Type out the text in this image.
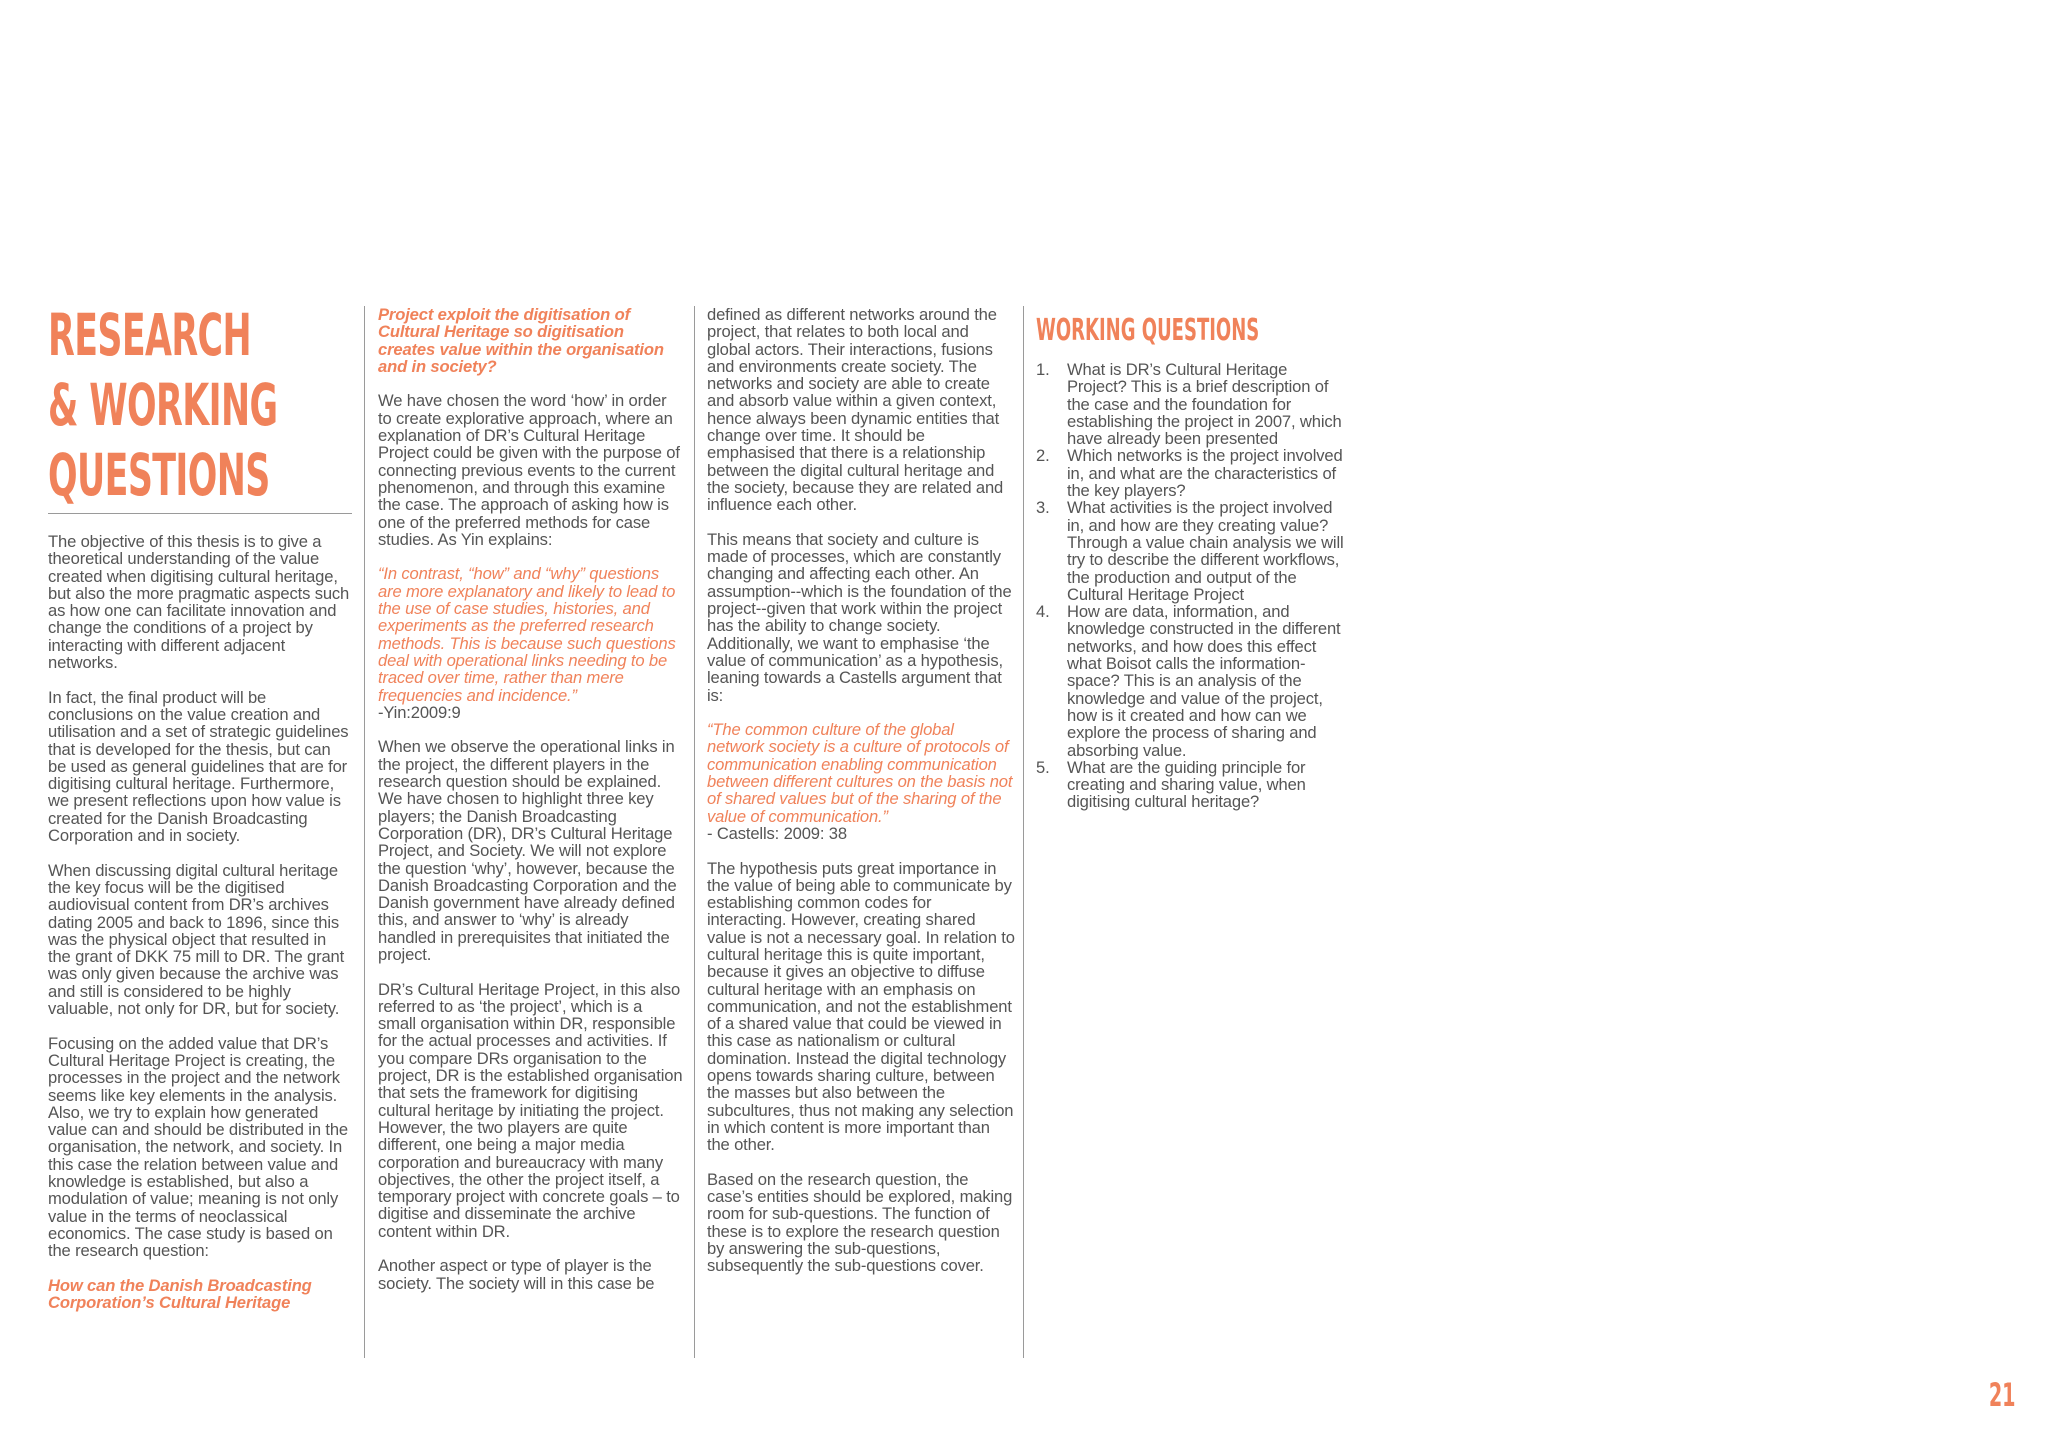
RESEARCH
& WORKING
QUESTIONS

The objective of this thesis is to give a theoretical understanding of the value created when digitising cultural heritage, but also the more pragmatic aspects such as how one can facilitate innovation and change the conditions of a project by interacting with different adjacent networks.

In fact, the final product will be conclusions on the value creation and utilisation and a set of strategic guidelines that is developed for the thesis, but can be used as general guidelines that are for digitising cultural heritage. Furthermore, we present reflections upon how value is created for the Danish Broadcasting Corporation and in society.

When discussing digital cultural heritage the key focus will be the digitised audiovisual content from DR’s archives dating 2005 and back to 1896, since this was the physical object that resulted in the grant of DKK 75 mill to DR. The grant was only given because the archive was and still is considered to be highly valuable, not only for DR, but for society.

Focusing on the added value that DR’s Cultural Heritage Project is creating, the processes in the project and the network seems like key elements in the analysis. Also, we try to explain how generated value can and should be distributed in the organisation, the network, and society. In this case the relation between value and knowledge is established, but also a modulation of value; meaning is not only value in the terms of neoclassical economics. The case study is based on the research question:

How can the Danish Broadcasting Corporation’s Cultural Heritage

Project exploit the digitisation of Cultural Heritage so digitisation creates value within the organisation and in society?

We have chosen the word ‘how’ in order to create explorative approach, where an explanation of DR’s Cultural Heritage Project could be given with the purpose of connecting previous events to the current phenomenon, and through this examine the case. The approach of asking how is one of the preferred methods for case studies. As Yin explains:

“In contrast, “how” and “why” questions are more explanatory and likely to lead to the use of case studies, histories, and experiments as the preferred research methods. This is because such questions deal with operational links needing to be traced over time, rather than mere frequencies and incidence.”
-Yin:2009:9

When we observe the operational links in the project, the different players in the research question should be explained. We have chosen to highlight three key players; the Danish Broadcasting Corporation (DR), DR’s Cultural Heritage Project, and Society. We will not explore the question ‘why’, however, because the Danish Broadcasting Corporation and the Danish government have already defined this, and answer to ‘why’ is already handled in prerequisites that initiated the project.

DR’s Cultural Heritage Project, in this also referred to as ‘the project’, which is a small organisation within DR, responsible for the actual processes and activities. If you compare DRs organisation to the project, DR is the established organisation that sets the framework for digitising cultural heritage by initiating the project. However, the two players are quite different, one being a major media corporation and bureaucracy with many objectives, the other the project itself, a temporary project with concrete goals – to digitise and disseminate the archive content within DR.

Another aspect or type of player is the society. The society will in this case be

defined as different networks around the project, that relates to both local and global actors. Their interactions, fusions and environments create society. The networks and society are able to create and absorb value within a given context, hence always been dynamic entities that change over time. It should be emphasised that there is a relationship between the digital cultural heritage and the society, because they are related and influence each other.

This means that society and culture is made of processes, which are constantly changing and affecting each other. An assumption--which is the foundation of the project--given that work within the project has the ability to change society. Additionally, we want to emphasise ‘the value of communication’ as a hypothesis, leaning towards a Castells argument that is:

“The common culture of the global network society is a culture of protocols of communication enabling communication between different cultures on the basis not of shared values but of the sharing of the value of communication.”
- Castells: 2009: 38

The hypothesis puts great importance in the value of being able to communicate by establishing common codes for interacting. However, creating shared value is not a necessary goal. In relation to cultural heritage this is quite important, because it gives an objective to diffuse cultural heritage with an emphasis on communication, and not the establishment of a shared value that could be viewed in this case as nationalism or cultural domination. Instead the digital technology opens towards sharing culture, between the masses but also between the subcultures, thus not making any selection in which content is more important than the other.

Based on the research question, the case’s entities should be explored, making room for sub-questions. The function of these is to explore the research question by answering the sub-questions, subsequently the sub-questions cover.

WORKING QUESTIONS
1.	What is DR’s Cultural Heritage Project? This is a brief description of the case and the foundation for establishing the project in 2007, which have already been presented
2.	Which networks is the project involved in, and what are the characteristics of the key players?
3.	What activities is the project involved in, and how are they creating value? Through a value chain analysis we will try to describe the different workflows, the production and output of the Cultural Heritage Project
4.	How are data, information, and knowledge constructed in the different networks, and how does this effect what Boisot calls the information-space? This is an analysis of the knowledge and value of the project, how is it created and how can we explore the process of sharing and absorbing value.
5.	What are the guiding principle for creating and sharing value, when digitising cultural heritage?
21
